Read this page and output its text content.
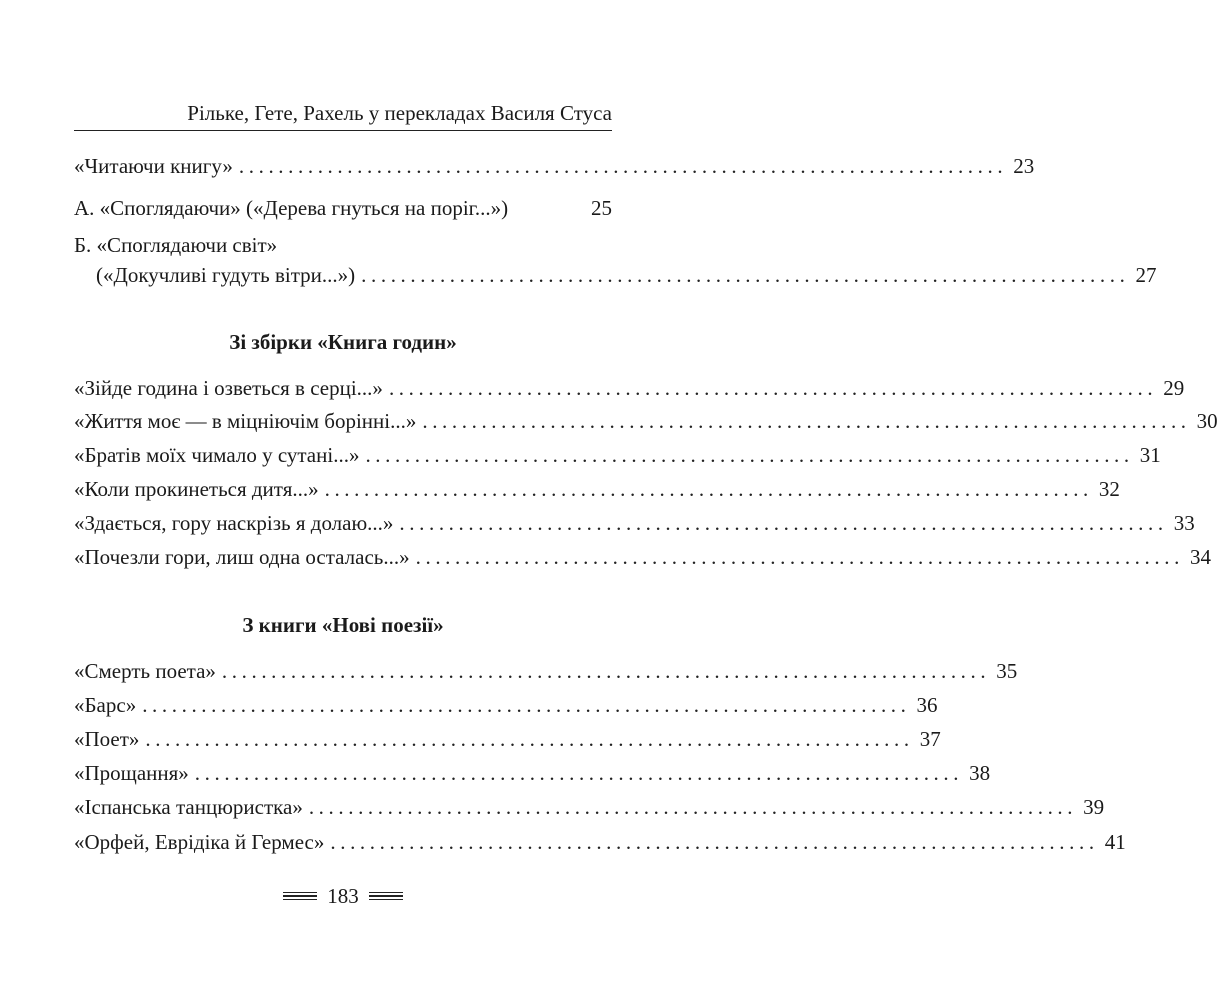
Рільке, Гете, Рахель у перекладах Василя Стуса
«Читаючи книгу» .............................................................................. 23
А. «Споглядаючи» («Дерева гнуться на поріг...»)	25
Б. «Споглядаючи світ»
(«Докучливі гудуть вітри...») .............................................................................. 27
Зі збірки «Книга годин»
«Зійде година і озветься в серці...» .............................................................................. 29
«Життя моє — в міцнiючім борінні...» .............................................................................. 30
«Братів моїх чимало у сутані...» .............................................................................. 31
«Коли прокинеться дитя...» .............................................................................. 32
«Здається, гору наскрізь я долаю...» .............................................................................. 33
«Почезли гори, лиш одна осталась...» .............................................................................. 34
З книги «Нові поезії»
«Смерть поета» .............................................................................. 35
«Барс» .............................................................................. 36
«Поет» .............................................................................. 37
«Прощання» .............................................................................. 38
«Іспанська танцюристка» .............................................................................. 39
«Орфей, Еврідіка й Гермес» .............................................................................. 41
183
